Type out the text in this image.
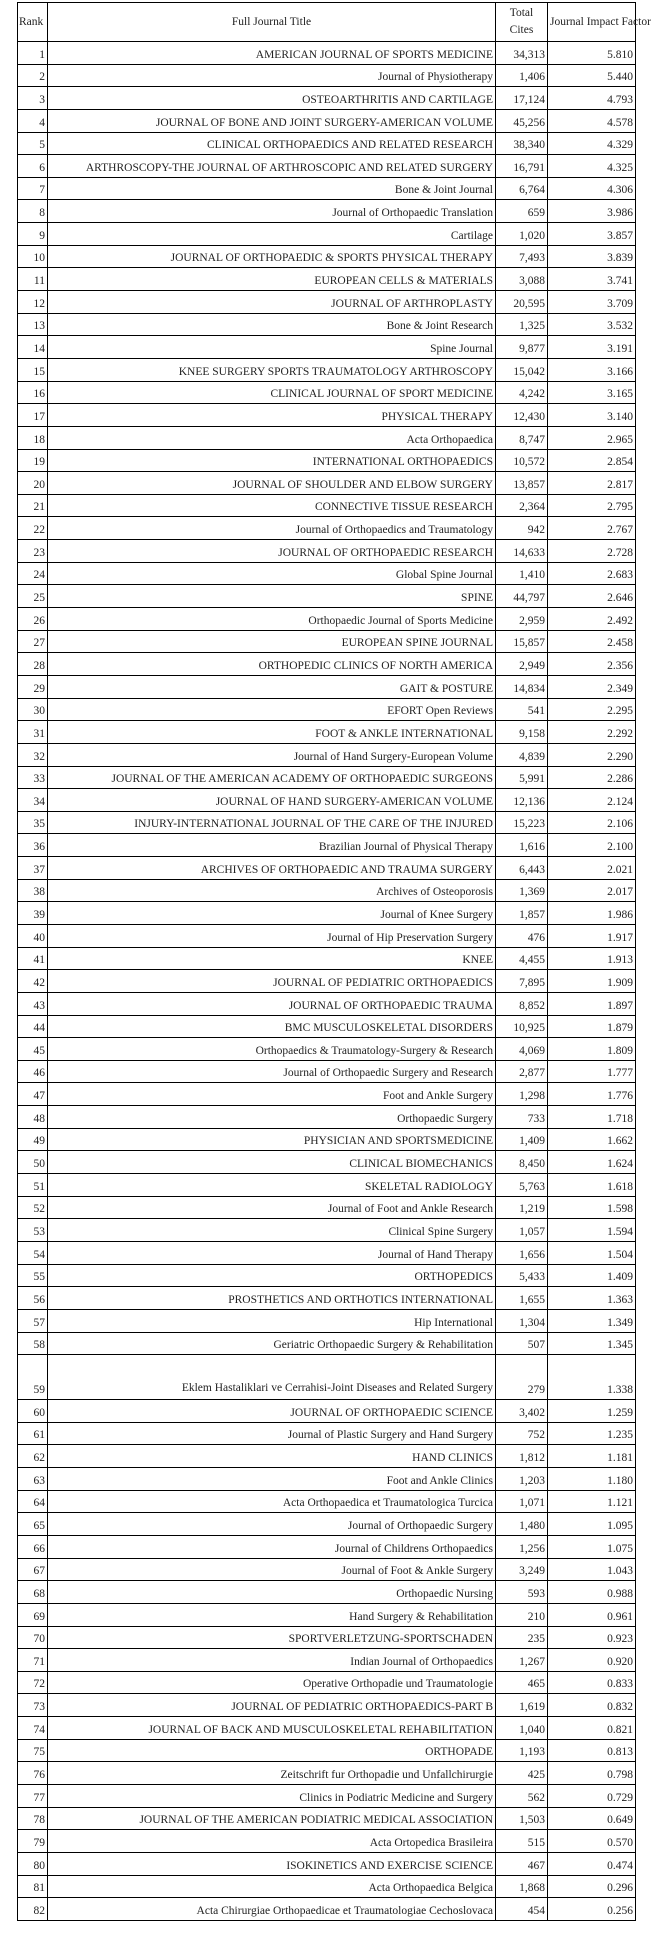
Rank	Full Journal Title	Total Cites	Journal Impact Factor
1	AMERICAN JOURNAL OF SPORTS MEDICINE	34,313	5.810
2	Journal of Physiotherapy	1,406	5.440
3	OSTEOARTHRITIS AND CARTILAGE	17,124	4.793
4	JOURNAL OF BONE AND JOINT SURGERY-AMERICAN VOLUME	45,256	4.578
5	CLINICAL ORTHOPAEDICS AND RELATED RESEARCH	38,340	4.329
6	ARTHROSCOPY-THE JOURNAL OF ARTHROSCOPIC AND RELATED SURGERY	16,791	4.325
7	Bone & Joint Journal	6,764	4.306
8	Journal of Orthopaedic Translation	659	3.986
9	Cartilage	1,020	3.857
10	JOURNAL OF ORTHOPAEDIC & SPORTS PHYSICAL THERAPY	7,493	3.839
11	EUROPEAN CELLS & MATERIALS	3,088	3.741
12	JOURNAL OF ARTHROPLASTY	20,595	3.709
13	Bone & Joint Research	1,325	3.532
14	Spine Journal	9,877	3.191
15	KNEE SURGERY SPORTS TRAUMATOLOGY ARTHROSCOPY	15,042	3.166
16	CLINICAL JOURNAL OF SPORT MEDICINE	4,242	3.165
17	PHYSICAL THERAPY	12,430	3.140
18	Acta Orthopaedica	8,747	2.965
19	INTERNATIONAL ORTHOPAEDICS	10,572	2.854
20	JOURNAL OF SHOULDER AND ELBOW SURGERY	13,857	2.817
21	CONNECTIVE TISSUE RESEARCH	2,364	2.795
22	Journal of Orthopaedics and Traumatology	942	2.767
23	JOURNAL OF ORTHOPAEDIC RESEARCH	14,633	2.728
24	Global Spine Journal	1,410	2.683
25	SPINE	44,797	2.646
26	Orthopaedic Journal of Sports Medicine	2,959	2.492
27	EUROPEAN SPINE JOURNAL	15,857	2.458
28	ORTHOPEDIC CLINICS OF NORTH AMERICA	2,949	2.356
29	GAIT & POSTURE	14,834	2.349
30	EFORT Open Reviews	541	2.295
31	FOOT & ANKLE INTERNATIONAL	9,158	2.292
32	Journal of Hand Surgery-European Volume	4,839	2.290
33	JOURNAL OF THE AMERICAN ACADEMY OF ORTHOPAEDIC SURGEONS	5,991	2.286
34	JOURNAL OF HAND SURGERY-AMERICAN VOLUME	12,136	2.124
35	INJURY-INTERNATIONAL JOURNAL OF THE CARE OF THE INJURED	15,223	2.106
36	Brazilian Journal of Physical Therapy	1,616	2.100
37	ARCHIVES OF ORTHOPAEDIC AND TRAUMA SURGERY	6,443	2.021
38	Archives of Osteoporosis	1,369	2.017
39	Journal of Knee Surgery	1,857	1.986
40	Journal of Hip Preservation Surgery	476	1.917
41	KNEE	4,455	1.913
42	JOURNAL OF PEDIATRIC ORTHOPAEDICS	7,895	1.909
43	JOURNAL OF ORTHOPAEDIC TRAUMA	8,852	1.897
44	BMC MUSCULOSKELETAL DISORDERS	10,925	1.879
45	Orthopaedics & Traumatology-Surgery & Research	4,069	1.809
46	Journal of Orthopaedic Surgery and Research	2,877	1.777
47	Foot and Ankle Surgery	1,298	1.776
48	Orthopaedic Surgery	733	1.718
49	PHYSICIAN AND SPORTSMEDICINE	1,409	1.662
50	CLINICAL BIOMECHANICS	8,450	1.624
51	SKELETAL RADIOLOGY	5,763	1.618
52	Journal of Foot and Ankle Research	1,219	1.598
53	Clinical Spine Surgery	1,057	1.594
54	Journal of Hand Therapy	1,656	1.504
55	ORTHOPEDICS	5,433	1.409
56	PROSTHETICS AND ORTHOTICS INTERNATIONAL	1,655	1.363
57	Hip International	1,304	1.349
58	Geriatric Orthopaedic Surgery & Rehabilitation	507	1.345
59	Eklem Hastaliklari ve Cerrahisi-Joint Diseases and Related Surgery	279	1.338
60	JOURNAL OF ORTHOPAEDIC SCIENCE	3,402	1.259
61	Journal of Plastic Surgery and Hand Surgery	752	1.235
62	HAND CLINICS	1,812	1.181
63	Foot and Ankle Clinics	1,203	1.180
64	Acta Orthopaedica et Traumatologica Turcica	1,071	1.121
65	Journal of Orthopaedic Surgery	1,480	1.095
66	Journal of Childrens Orthopaedics	1,256	1.075
67	Journal of Foot & Ankle Surgery	3,249	1.043
68	Orthopaedic Nursing	593	0.988
69	Hand Surgery & Rehabilitation	210	0.961
70	SPORTVERLETZUNG-SPORTSCHADEN	235	0.923
71	Indian Journal of Orthopaedics	1,267	0.920
72	Operative Orthopadie und Traumatologie	465	0.833
73	JOURNAL OF PEDIATRIC ORTHOPAEDICS-PART B	1,619	0.832
74	JOURNAL OF BACK AND MUSCULOSKELETAL REHABILITATION	1,040	0.821
75	ORTHOPADE	1,193	0.813
76	Zeitschrift fur Orthopadie und Unfallchirurgie	425	0.798
77	Clinics in Podiatric Medicine and Surgery	562	0.729
78	JOURNAL OF THE AMERICAN PODIATRIC MEDICAL ASSOCIATION	1,503	0.649
79	Acta Ortopedica Brasileira	515	0.570
80	ISOKINETICS AND EXERCISE SCIENCE	467	0.474
81	Acta Orthopaedica Belgica	1,868	0.296
82	Acta Chirurgiae Orthopaedicae et Traumatologiae Cechoslovaca	454	0.256
